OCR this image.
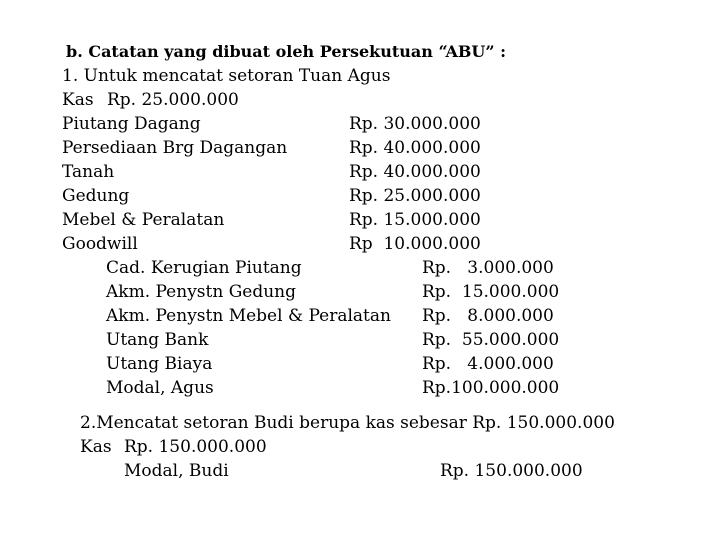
b. Catatan yang dibuat oleh Persekutuan “ABU” :
1. Untuk mencatat setoran Tuan Agus
Kas Rp. 25.000.000
Piutang Dagang	Rp. 30.000.000
Persediaan Brg Dagangan	Rp. 40.000.000
Tanah	Rp. 40.000.000
Gedung	Rp. 25.000.000
Mebel & Peralatan	Rp. 15.000.000
Goodwill	Rp  10.000.000
Cad. Kerugian Piutang	Rp.   3.000.000
Akm. Penystn Gedung	Rp.  15.000.000
Akm. Penystn Mebel & Peralatan Rp.   8.000.000
Utang Bank	Rp.  55.000.000
Utang Biaya	Rp.   4.000.000
Modal, Agus	Rp.100.000.000
2.Mencatat setoran Budi berupa kas sebesar Rp. 150.000.000
Kas Rp. 150.000.000
Modal, Budi	Rp. 150.000.000
